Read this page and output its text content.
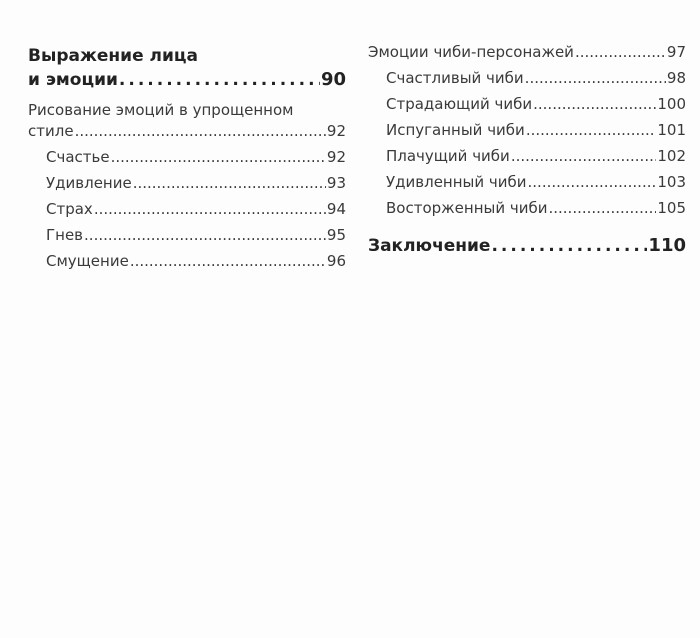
Выражение лица
и эмоции .....	90
Рисование эмоций в упрощенном
стиле .....	92
Счастье .....	92
Удивление .....	93
Страх .....	94
Гнев .....	95
Смущение .....	96
Эмоции чиби-персонажей .....	97
Счастливый чиби .....	98
Страдающий чиби .....	100
Испуганный чиби .....	101
Плачущий чиби .....	102
Удивленный чиби .....	103
Восторженный чиби .....	105
Заключение .....	110
